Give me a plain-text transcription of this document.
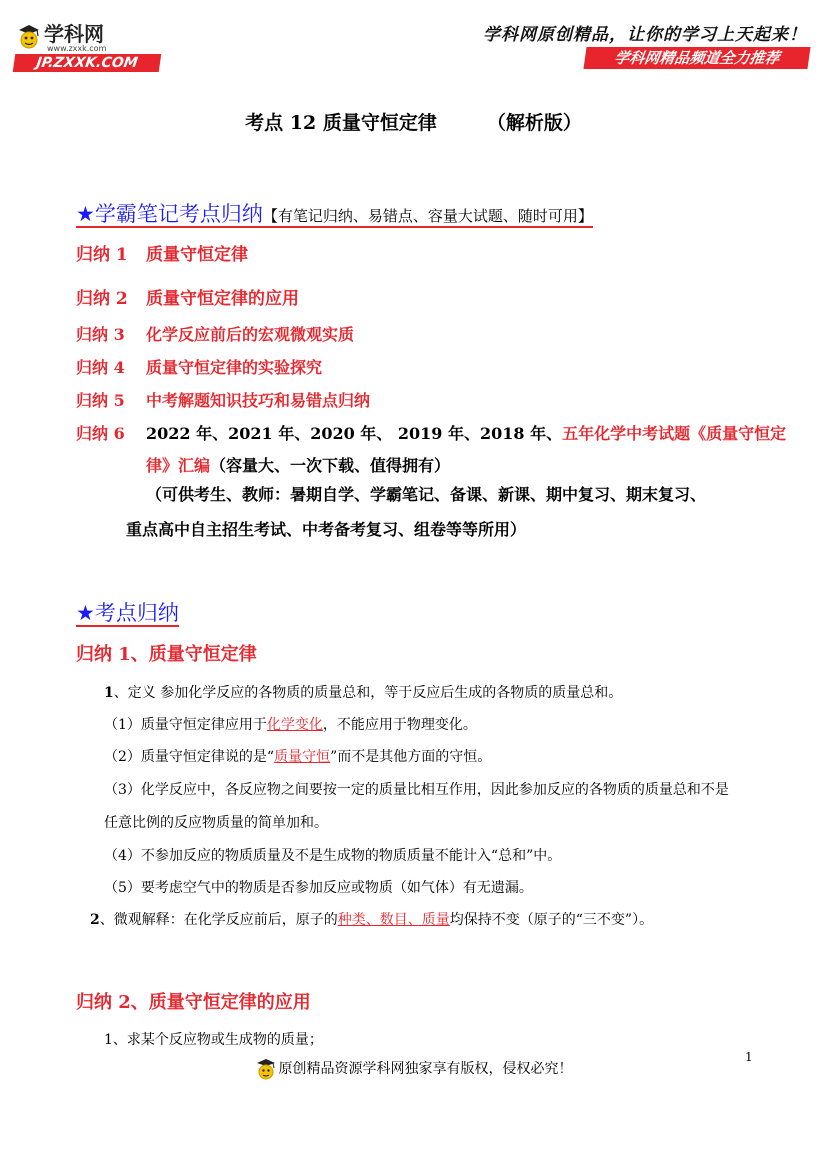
学科网
www.zxxk.com
JP.ZXXK.COM
学科网原创精品，让你的学习上天起来！
学科网精品频道全力推荐
考点 12 质量守恒定律	（解析版）
★学霸笔记考点归纳【有笔记归纳、易错点、容量大试题、随时可用】
归纳 1 质量守恒定律
归纳 2 质量守恒定律的应用
归纳 3 化学反应前后的宏观微观实质
归纳 4 质量守恒定律的实验探究
归纳 5 中考解题知识技巧和易错点归纳
归纳 6 2022 年、2021 年、2020 年、 2019 年、2018 年、五年化学中考试题《质量守恒定
律》汇编（容量大、一次下载、值得拥有）
（可供考生、教师：暑期自学、学霸笔记、备课、新课、期中复习、期末复习、
重点高中自主招生考试、中考备考复习、组卷等等所用）
★考点归纳
归纳 1、质量守恒定律
1、定义 参加化学反应的各物质的质量总和，等于反应后生成的各物质的质量总和。
（1）质量守恒定律应用于化学变化，不能应用于物理变化。
（2）质量守恒定律说的是“质量守恒”而不是其他方面的守恒。
（3）化学反应中，各反应物之间要按一定的质量比相互作用，因此参加反应的各物质的质量总和不是
任意比例的反应物质量的简单加和。
（4）不参加反应的物质质量及不是生成物的物质质量不能计入“总和”中。
（5）要考虑空气中的物质是否参加反应或物质（如气体）有无遗漏。
2、微观解释：在化学反应前后，原子的种类、数目、质量均保持不变（原子的“三不变”）。
归纳 2、质量守恒定律的应用
1、求某个反应物或生成物的质量；
1
原创精品资源学科网独家享有版权，侵权必究！
